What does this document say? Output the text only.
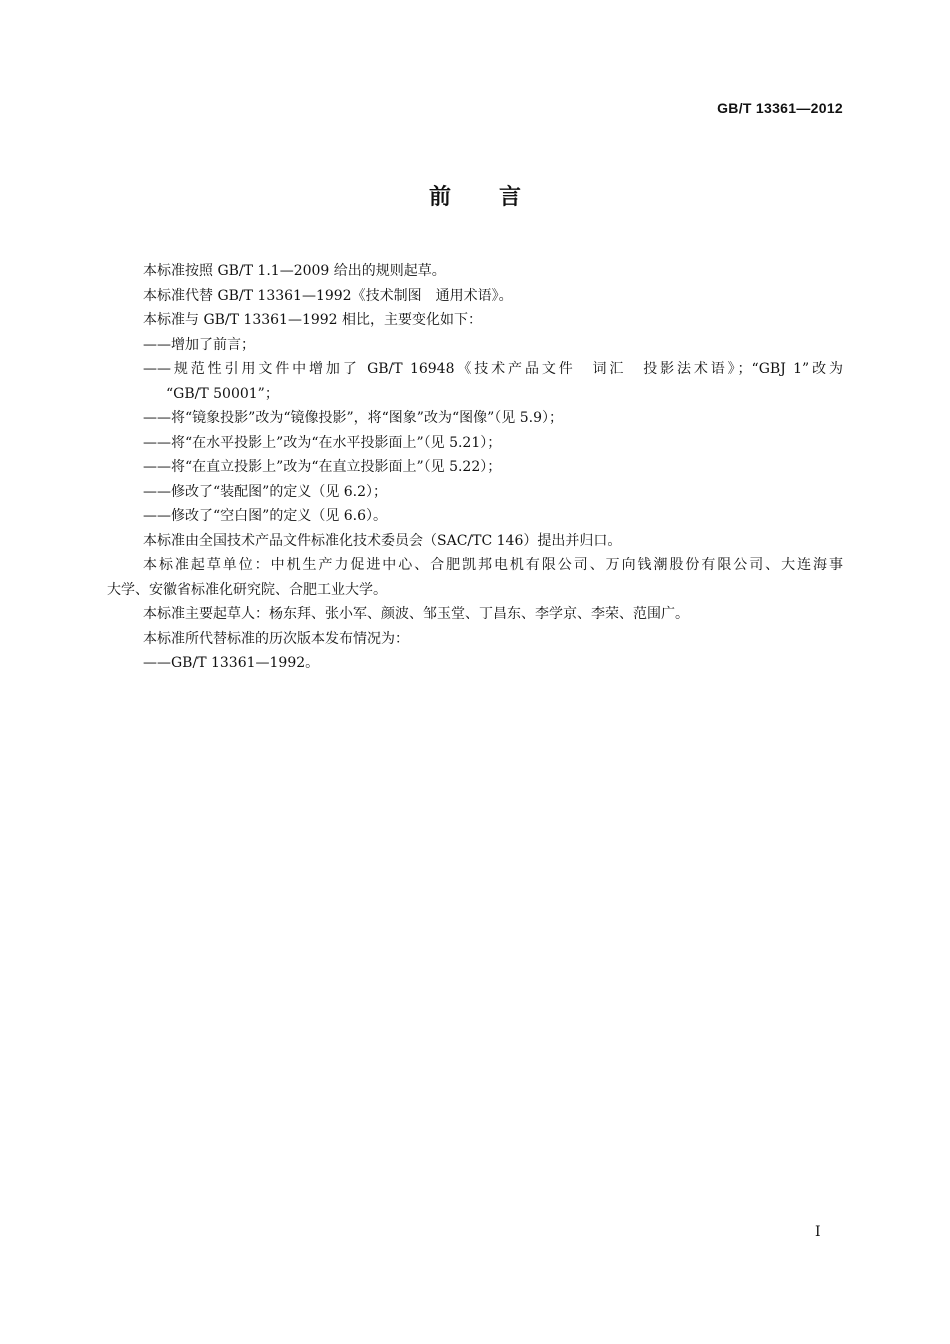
GB/T 13361—2012
前言
本标准按照 GB/T 1.1—2009 给出的规则起草。
本标准代替 GB/T 13361—1992《技术制图　通用术语》。
本标准与 GB/T 13361—1992 相比，主要变化如下：
——增加了前言；
——规范性引用文件中增加了 GB/T 16948《技术产品文件　词汇　投影法术语》；“GBJ 1”改为
“GB/T 50001”；
——将“镜象投影”改为“镜像投影”，将“图象”改为“图像”（见 5.9）；
——将“在水平投影上”改为“在水平投影面上”（见 5.21）；
——将“在直立投影上”改为“在直立投影面上”（见 5.22）；
——修改了“装配图”的定义（见 6.2）；
——修改了“空白图”的定义（见 6.6）。
本标准由全国技术产品文件标准化技术委员会（SAC/TC 146）提出并归口。
本标准起草单位：中机生产力促进中心、合肥凯邦电机有限公司、万向钱潮股份有限公司、大连海事
大学、安徽省标准化研究院、合肥工业大学。
本标准主要起草人：杨东拜、张小军、颜波、邹玉堂、丁昌东、李学京、李荣、范围广。
本标准所代替标准的历次版本发布情况为：
——GB/T 13361—1992。
I
